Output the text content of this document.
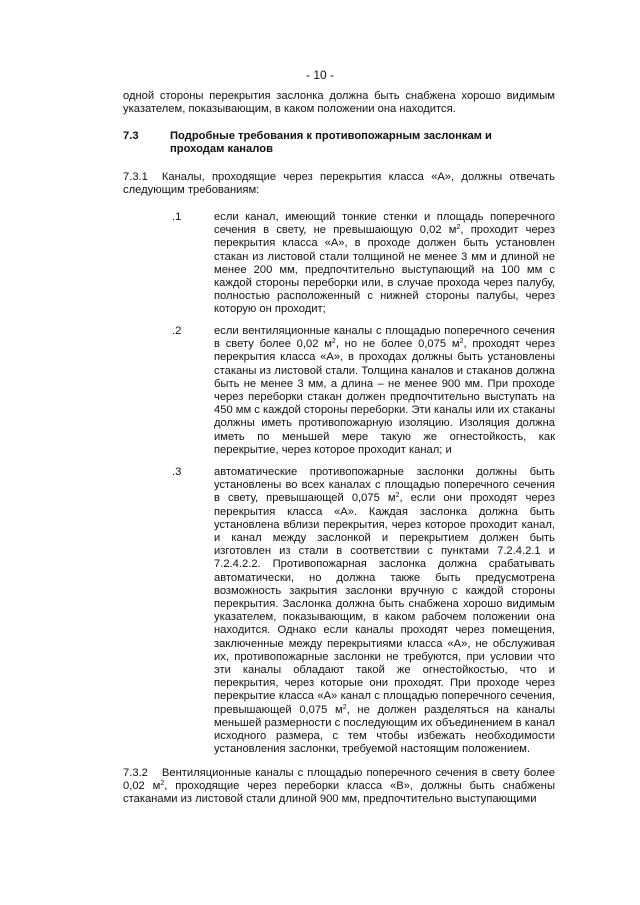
- 10 -
одной стороны перекрытия заслонка должна быть снабжена хорошо видимым указателем, показывающим, в каком положении она находится.
7.3	Подробные требования к противопожарным заслонкам и проходам каналов
7.3.1 Каналы, проходящие через перекрытия класса «А», должны отвечать следующим требованиям:
.1	если канал, имеющий тонкие стенки и площадь поперечного сечения в свету, не превышающую 0,02 $м^2$, проходит через перекрытия класса «А», в проходе должен быть установлен стакан из листовой стали толщиной не менее 3 мм и длиной не менее 200 мм, предпочтительно выступающий на 100 мм с каждой стороны переборки или, в случае прохода через палубу, полностью расположенный с нижней стороны палубы, через которую он проходит;
.2	если вентиляционные каналы с площадью поперечного сечения в свету более 0,02 $м^2$, но не более 0,075 $м^2$, проходят через перекрытия класса «А», в проходах должны быть установлены стаканы из листовой стали. Толщина каналов и стаканов должна быть не менее 3 мм, а длина – не менее 900 мм. При проходе через переборки стакан должен предпочтительно выступать на 450 мм с каждой стороны переборки. Эти каналы или их стаканы должны иметь противопожарную изоляцию. Изоляция должна иметь по меньшей мере такую же огнестойкость, как перекрытие, через которое проходит канал; и
.3	автоматические противопожарные заслонки должны быть установлены во всех каналах с площадью поперечного сечения в свету, превышающей 0,075 $м^2$, если они проходят через перекрытия класса «А». Каждая заслонка должна быть установлена вблизи перекрытия, через которое проходит канал, и канал между заслонкой и перекрытием должен быть изготовлен из стали в соответствии с пунктами 7.2.4.2.1 и 7.2.4.2.2. Противопожарная заслонка должна срабатывать автоматически, но должна также быть предусмотрена возможность закрытия заслонки вручную с каждой стороны перекрытия. Заслонка должна быть снабжена хорошо видимым указателем, показывающим, в каком рабочем положении она находится. Однако если каналы проходят через помещения, заключенные между перекрытиями класса «А», не обслуживая их, противопожарные заслонки не требуются, при условии что эти каналы обладают такой же огнестойкостью, что и перекрытия, через которые они проходят. При проходе через перекрытие класса «А» канал с площадью поперечного сечения, превышающей 0,075 $м^2$, не должен разделяться на каналы меньшей размерности с последующим их объединением в канал исходного размера, с тем чтобы избежать необходимости установления заслонки, требуемой настоящим положением.
7.3.2 Вентиляционные каналы с площадью поперечного сечения в свету более 0,02 $м^2$, проходящие через переборки класса «В», должны быть снабжены стаканами из листовой стали длиной 900 мм, предпочтительно выступающими
